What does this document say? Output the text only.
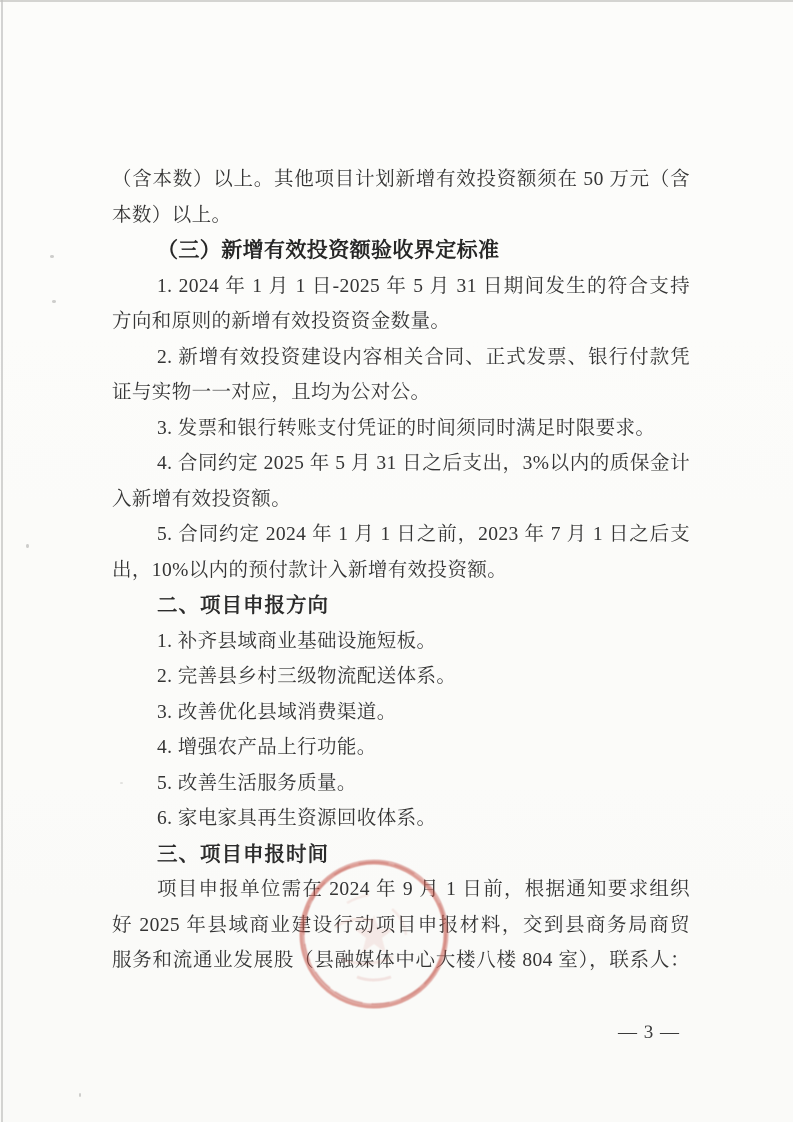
（含本数）以上。其他项目计划新增有效投资额须在 50 万元（含
本数）以上。
（三）新增有效投资额验收界定标准
1. 2024 年 1 月 1 日-2025 年 5 月 31 日期间发生的符合支持
方向和原则的新增有效投资资金数量。
2. 新增有效投资建设内容相关合同、正式发票、银行付款凭
证与实物一一对应，且均为公对公。
3. 发票和银行转账支付凭证的时间须同时满足时限要求。
4. 合同约定 2025 年 5 月 31 日之后支出，3%以内的质保金计
入新增有效投资额。
5. 合同约定 2024 年 1 月 1 日之前，2023 年 7 月 1 日之后支
出，10%以内的预付款计入新增有效投资额。
二、项目申报方向
1. 补齐县域商业基础设施短板。
2. 完善县乡村三级物流配送体系。
3. 改善优化县域消费渠道。
4. 增强农产品上行功能。
5. 改善生活服务质量。
6. 家电家具再生资源回收体系。
三、项目申报时间
项目申报单位需在 2024 年 9 月 1 日前，根据通知要求组织
好 2025 年县域商业建设行动项目申报材料，交到县商务局商贸
服务和流通业发展股（县融媒体中心大楼八楼 804 室），联系人：
— 3 —
